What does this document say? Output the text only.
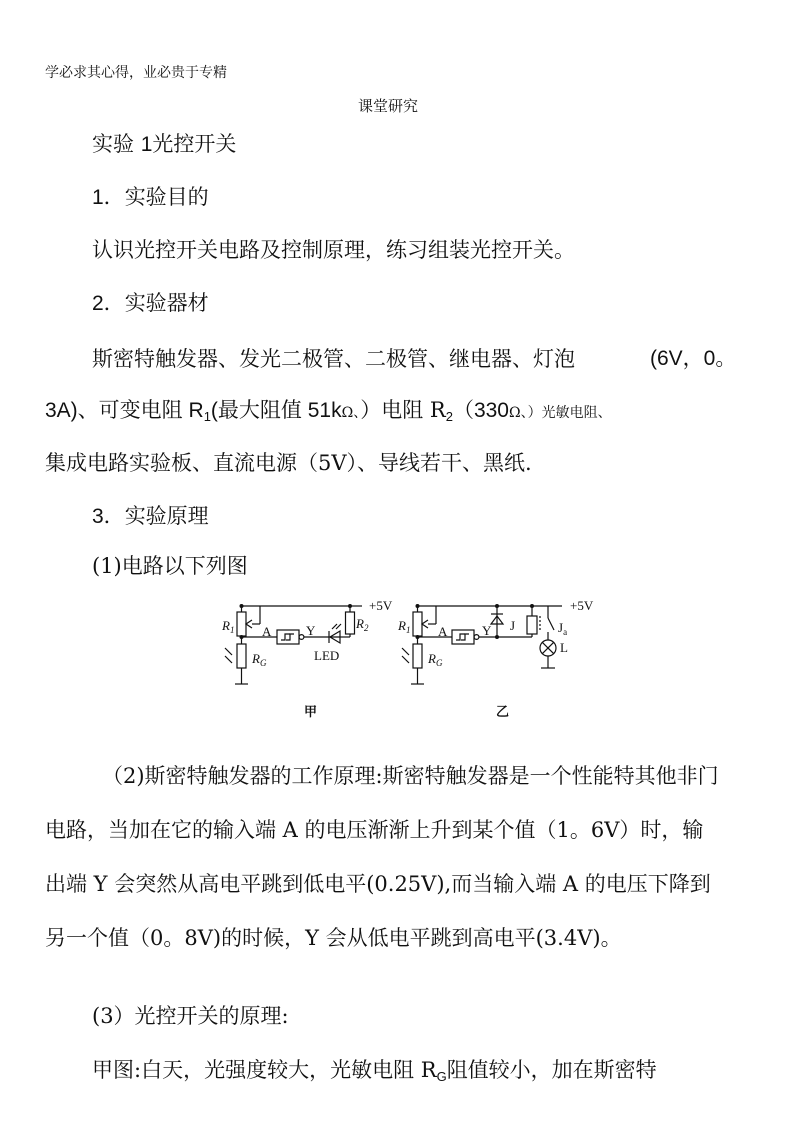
学必求其心得，业必贵于专精
课堂研究
实验 1光控开关
1．实验目的
认识光控开关电路及控制原理，练习组装光控开关。
2．实验器材
斯密特触发器、发光二极管、二极管、继电器、灯泡	(6V，0。
3A)、可变电阻 $R_1$(最大阻值 51kΩ、）电阻 $R_2(330\Omega$、）光敏电阻、
集成电路实验板、直流电源（5V）、导线若干、黑纸.
3．实验原理
(1)电路以下列图
+5V
$R_1$ A	Y	$R_2$
$R_G$	LED
甲
+5V
$R_1$ A	Y J	$J_a$
L
$R_G$
乙
（2)斯密特触发器的工作原理:斯密特触发器是一个性能特其他非门
电路，当加在它的输入端 A 的电压渐渐上升到某个值（1。6V）时，输
出端 Y 会突然从高电平跳到低电平(0.25V),而当输入端 A 的电压下降到
另一个值（0。8V)的时候，Y 会从低电平跳到高电平(3.4V)。
(3）光控开关的原理:
甲图:白天，光强度较大，光敏电阻 $R_G$阻值较小，加在斯密特
